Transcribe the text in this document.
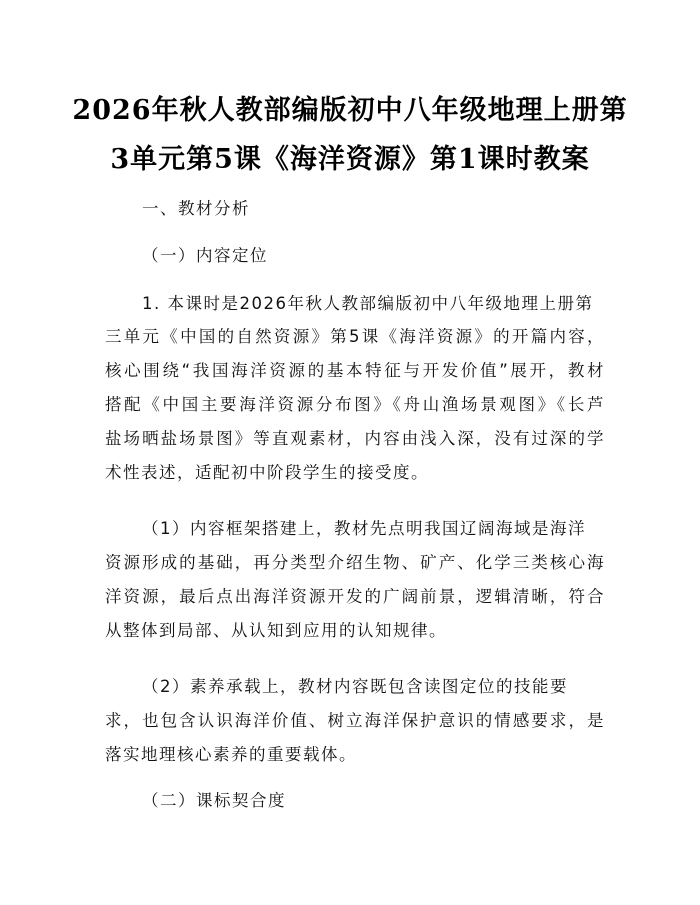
2026年秋人教部编版初中八年级地理上册第
3单元第5课《海洋资源》第1课时教案
一、教材分析
（一）内容定位
1. 本课时是2026年秋人教部编版初中八年级地理上册第
三单元《中国的自然资源》第5课《海洋资源》的开篇内容，
核心围绕“我国海洋资源的基本特征与开发价值”展开，教材
搭配《中国主要海洋资源分布图》《舟山渔场景观图》《长芦
盐场晒盐场景图》等直观素材，内容由浅入深，没有过深的学
术性表述，适配初中阶段学生的接受度。
（1）内容框架搭建上，教材先点明我国辽阔海域是海洋
资源形成的基础，再分类型介绍生物、矿产、化学三类核心海
洋资源，最后点出海洋资源开发的广阔前景，逻辑清晰，符合
从整体到局部、从认知到应用的认知规律。
（2）素养承载上，教材内容既包含读图定位的技能要
求，也包含认识海洋价值、树立海洋保护意识的情感要求，是
落实地理核心素养的重要载体。
（二）课标契合度
